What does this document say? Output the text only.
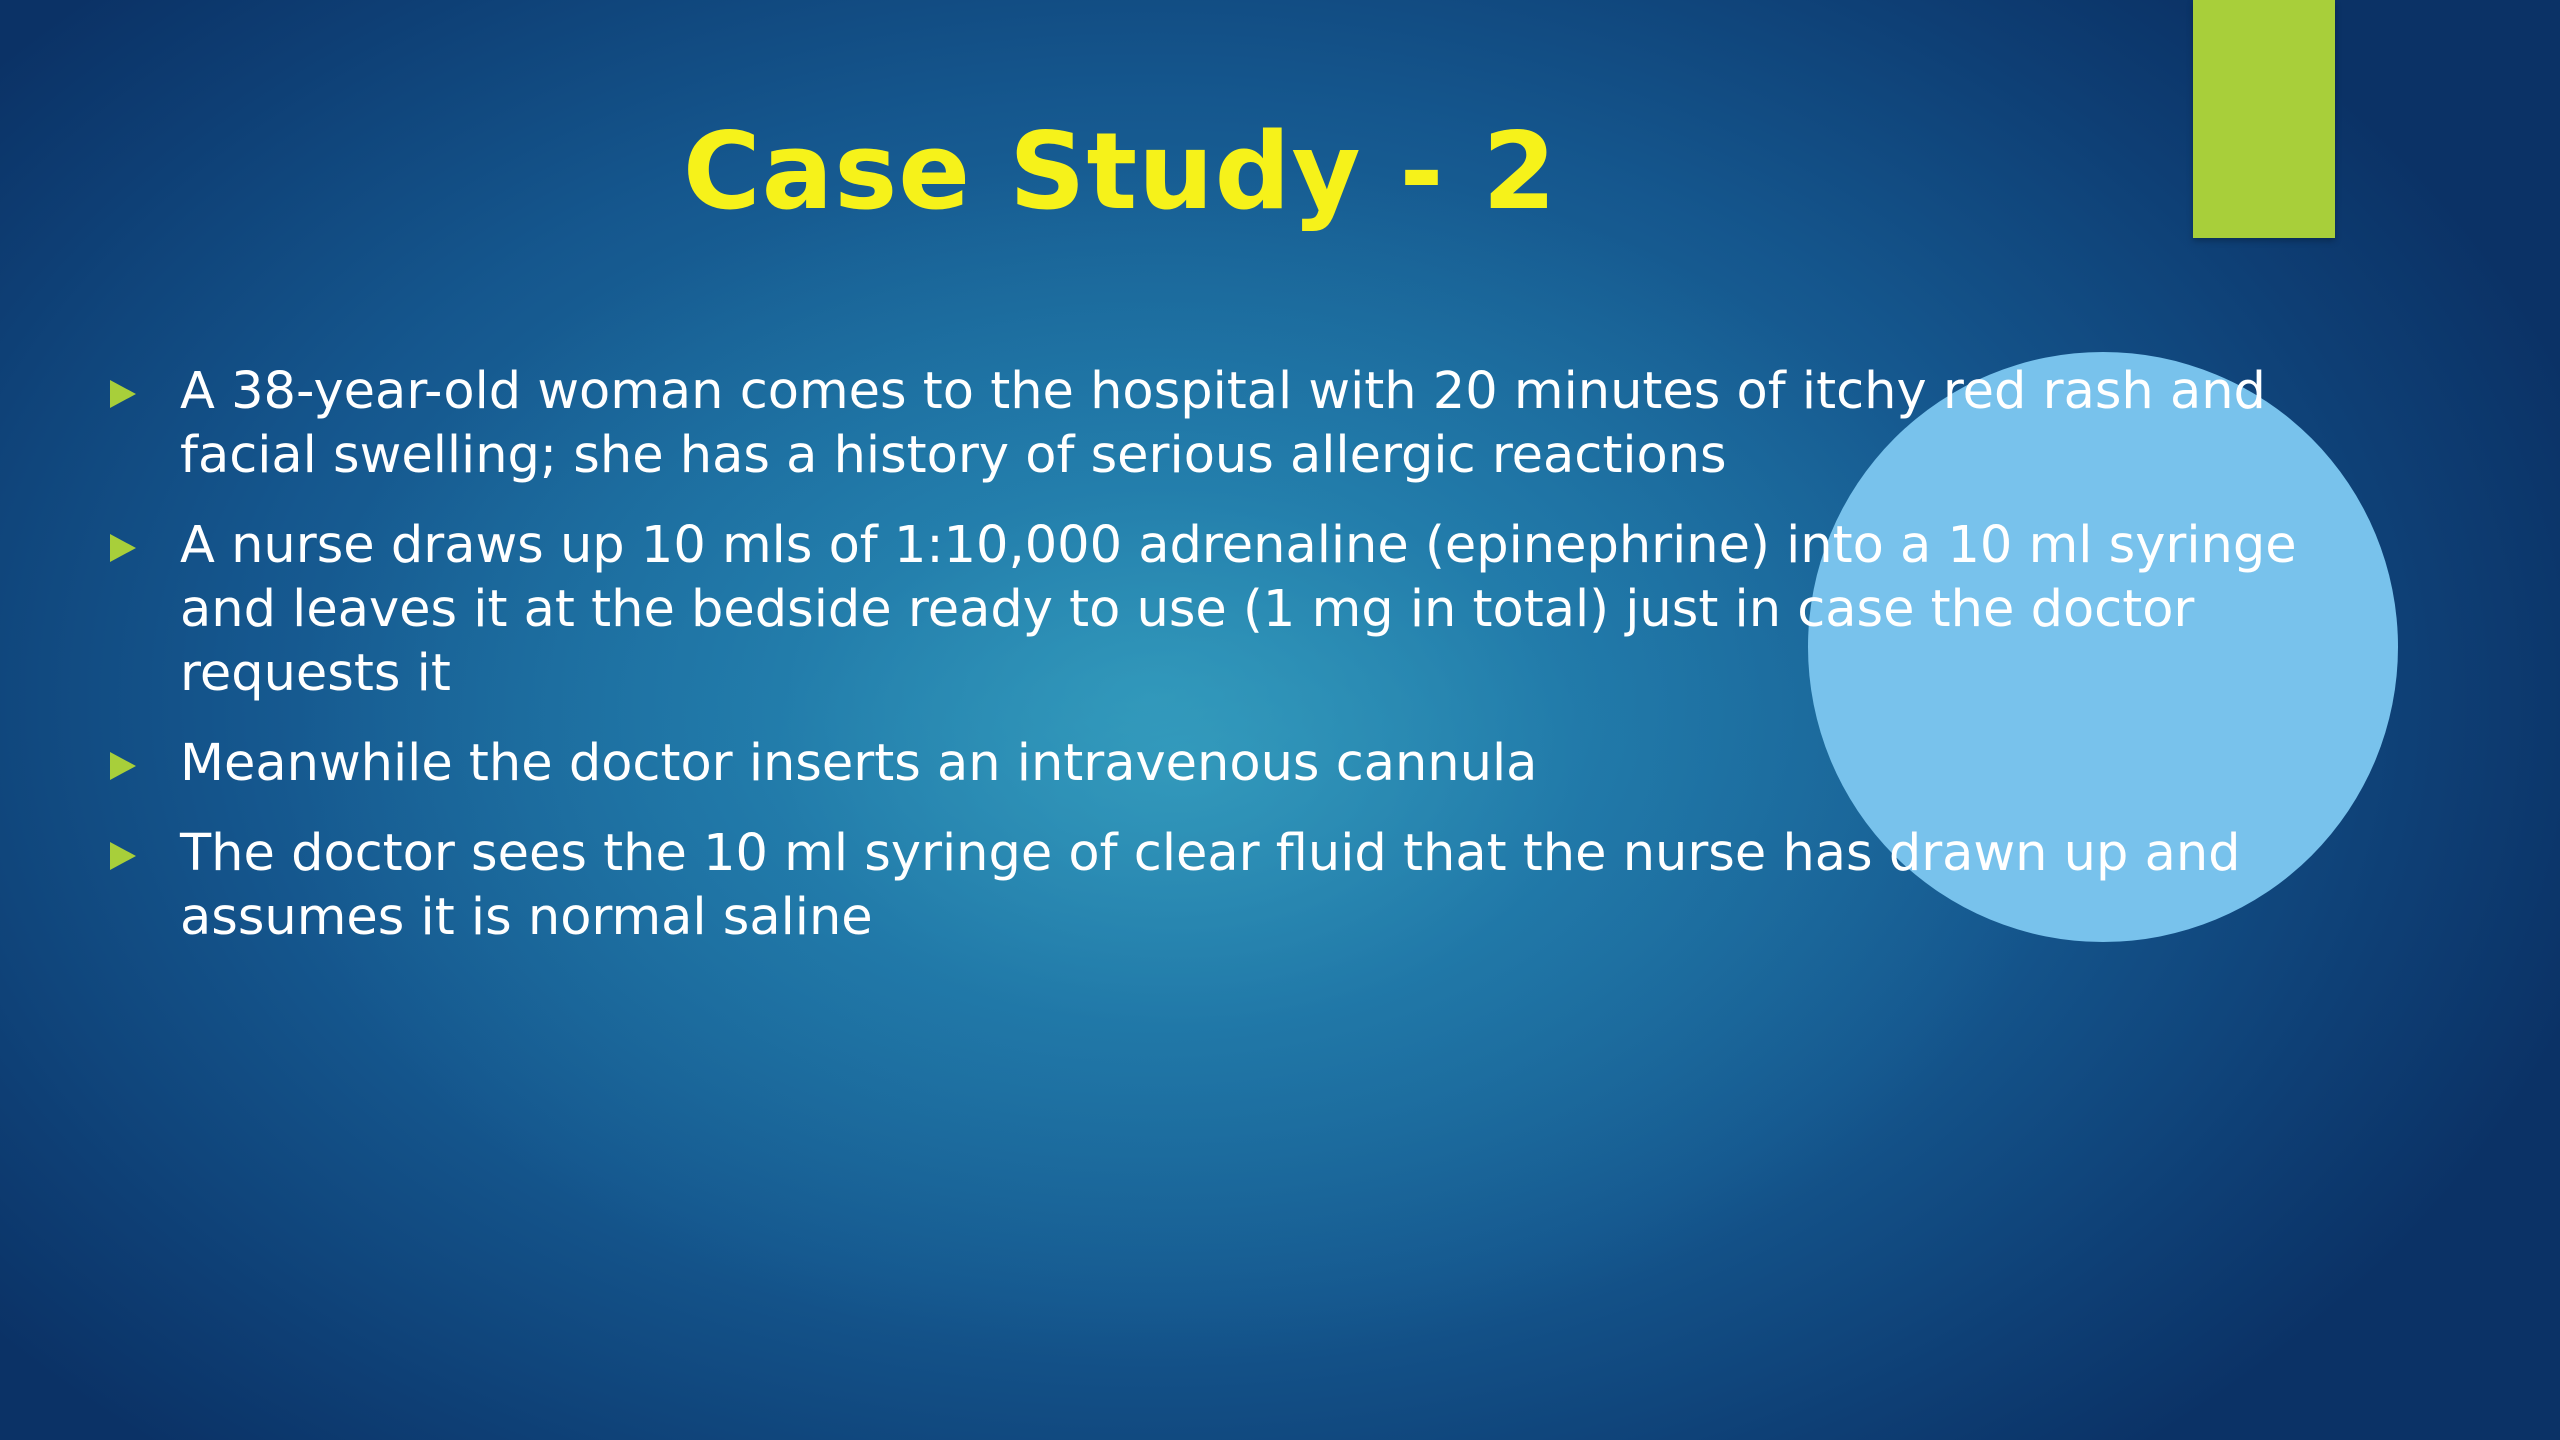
Case Study - 2
A 38-year-old woman comes to the hospital with 20 minutes of itchy red rash and facial swelling; she has a history of serious allergic reactions
A nurse draws up 10 mls of 1:10,000 adrenaline (epinephrine) into a 10 ml syringe and leaves it at the bedside ready to use (1 mg in total) just in case the doctor requests it
Meanwhile the doctor inserts an intravenous cannula
The doctor sees the 10 ml syringe of clear fluid that the nurse has drawn up and assumes it is normal saline
